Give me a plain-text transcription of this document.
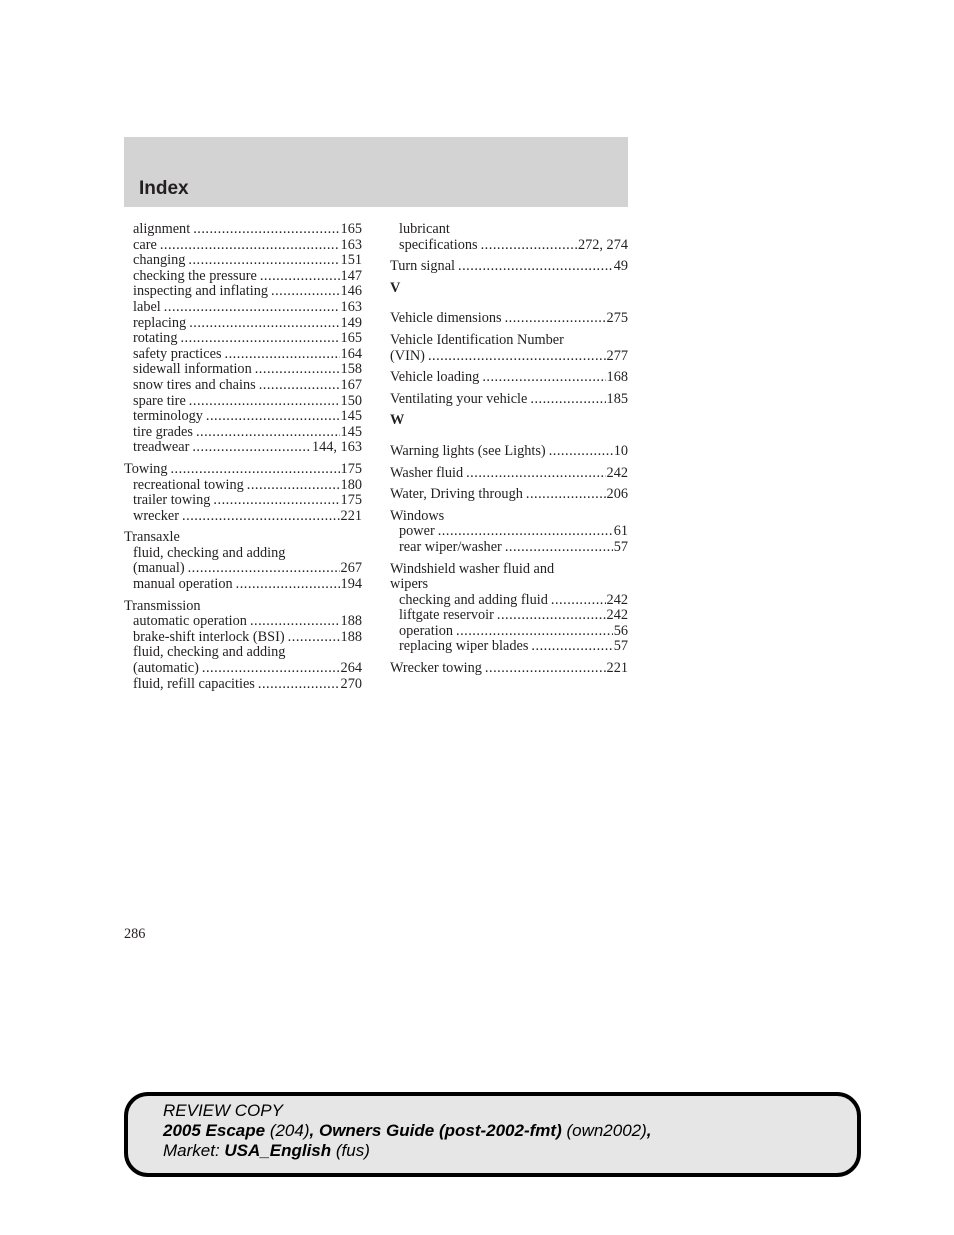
Index
alignment .....	165
care .....	163
changing .....	151
checking the pressure .....	147
inspecting and inflating .....	146
label .....	163
replacing .....	149
rotating .....	165
safety practices .....	164
sidewall information .....	158
snow tires and chains .....	167
spare tire .....	150
terminology .....	145
tire grades .....	145
treadwear .....	144, 163
Towing .....	175
recreational towing .....	180
trailer towing .....	175
wrecker .....	221
Transaxle
fluid, checking and adding
(manual) .....	267
manual operation .....	194
Transmission
automatic operation .....	188
brake-shift interlock (BSI) .....	188
fluid, checking and adding
(automatic) .....	264
fluid, refill capacities .....	270
lubricant
specifications .....	272, 274
Turn signal .....	49
V
Vehicle dimensions .....	275
Vehicle Identification Number
(VIN) .....	277
Vehicle loading .....	168
Ventilating your vehicle .....	185
W
Warning lights (see Lights) .....	10
Washer fluid .....	242
Water, Driving through .....	206
Windows
power .....	61
rear wiper/washer .....	57
Windshield washer fluid and
wipers
checking and adding fluid .....	242
liftgate reservoir .....	242
operation .....	56
replacing wiper blades .....	57
Wrecker towing .....	221
286
REVIEW COPY
2005 Escape (204), Owners Guide (post-2002-fmt) (own2002),
Market: USA_English (fus)
